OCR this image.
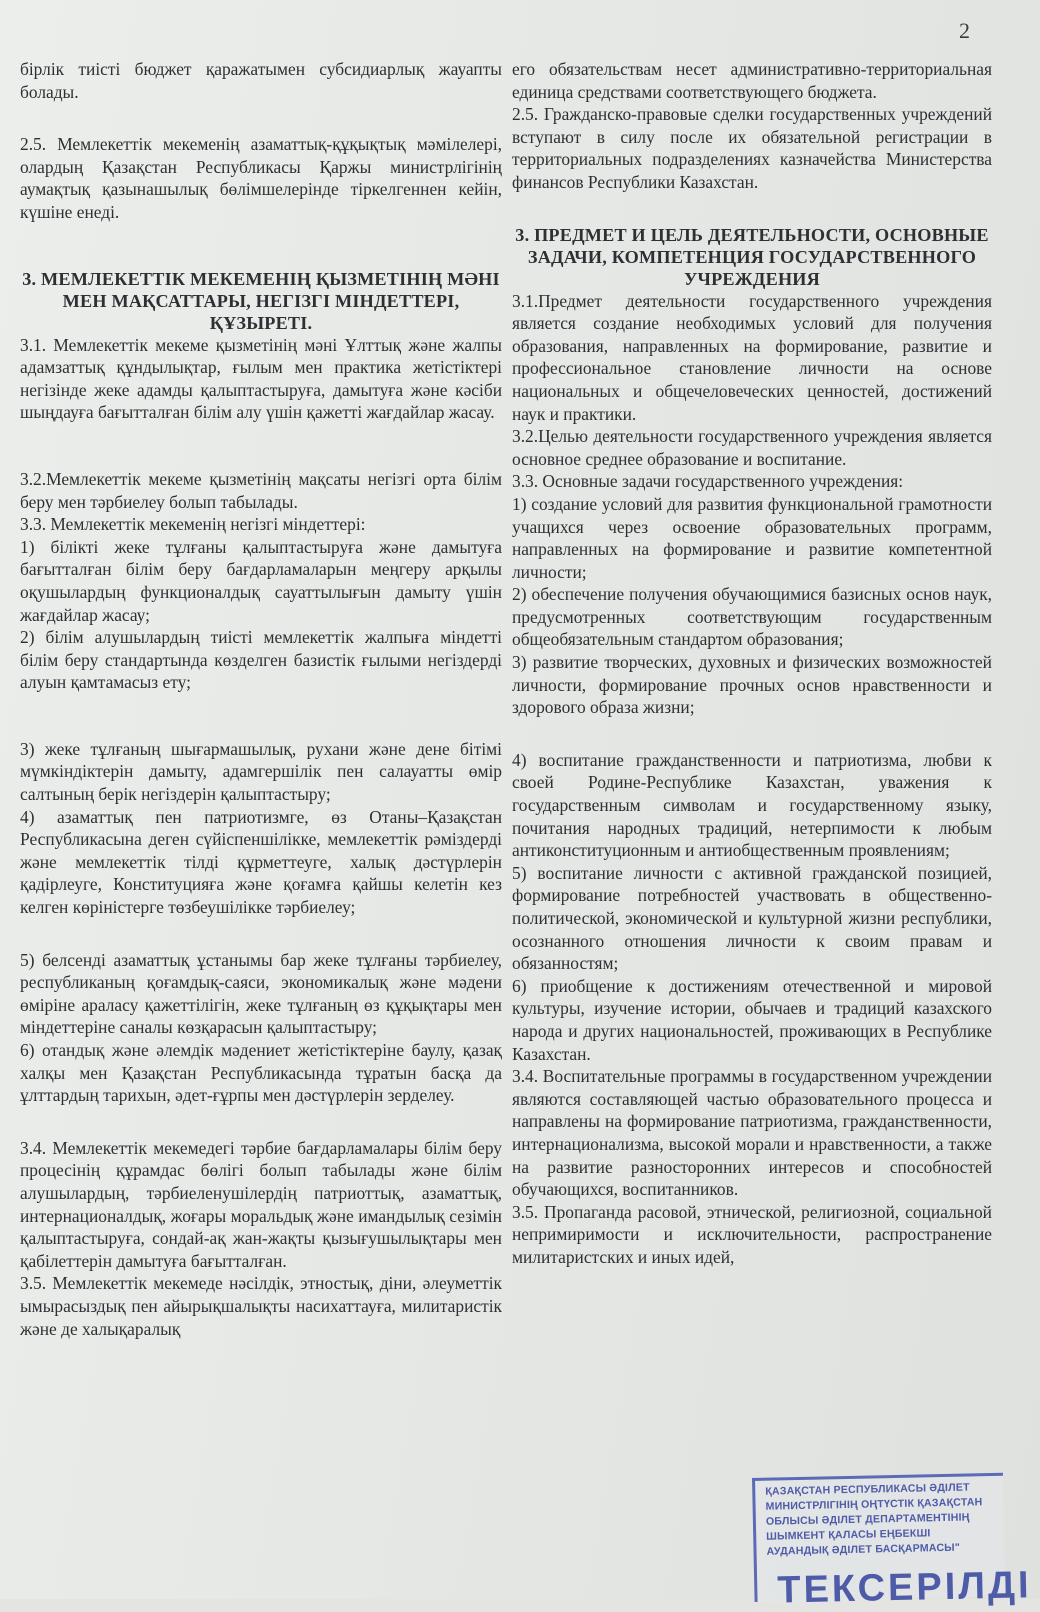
2

бірлік тиісті бюджет қаражатымен субсидиарлық жауапты болады.

2.5. Мемлекеттік мекеменің азаматтық-құқықтық мәмілелері, олардың Қазақстан Республикасы Қаржы министрлігінің аумақтық қазынашылық бөлімшелерінде тіркелгеннен кейін, күшіне енеді.

3. МЕМЛЕКЕТТІК МЕКЕМЕНІҢ ҚЫЗМЕТІНІҢ МӘНІ МЕН МАҚСАТТАРЫ, НЕГІЗГІ МІНДЕТТЕРІ, ҚҰЗЫРЕТІ.

3.1. Мемлекеттік мекеме қызметінің мәні Ұлттық және жалпы адамзаттық құндылықтар, ғылым мен практика жетістіктері негізінде жеке адамды қалыптастыруға, дамытуға және кәсіби шыңдауға бағытталған білім алу үшін қажетті жағдайлар жасау.

3.2.Мемлекеттік мекеме қызметінің мақсаты негізгі орта білім беру мен тәрбиелеу болып табылады.

3.3. Мемлекеттік мекеменің негізгі міндеттері:

1) білікті жеке тұлғаны қалыптастыруға және дамытуға бағытталған білім беру бағдарламаларын меңгеру арқылы оқушылардың функционалдық сауаттылығын дамыту үшін жағдайлар жасау;

2) білім алушылардың тиісті мемлекеттік жалпыға міндетті білім беру стандартында көзделген базистік ғылыми негіздерді алуын қамтамасыз ету;

3) жеке тұлғаның шығармашылық, рухани және дене бітімі мүмкіндіктерін дамыту, адамгершілік пен салауатты өмір салтының берік негіздерін қалыптастыру;

4) азаматтық пен патриотизмге, өз Отаны–Қазақстан Республикасына деген сүйіспеншілікке, мемлекеттік рәміздерді және мемлекеттік тілді құрметтеуге, халық дәстүрлерін қадірлеуге, Конституцияға және қоғамға қайшы келетін кез келген көріністерге төзбеушілікке тәрбиелеу;

5) белсенді азаматтық ұстанымы бар жеке тұлғаны тәрбиелеу, республиканың қоғамдық-саяси, экономикалық және мәдени өміріне араласу қажеттілігін, жеке тұлғаның өз құқықтары мен міндеттеріне саналы көзқарасын қалыптастыру;

6) отандық және әлемдік мәдениет жетістіктеріне баулу, қазақ халқы мен Қазақстан Республикасында тұратын басқа да ұлттардың тарихын, әдет-ғұрпы мен дәстүрлерін зерделеу.

3.4. Мемлекеттік мекемедегі тәрбие бағдарламалары білім беру процесінің құрамдас бөлігі болып табылады және білім алушылардың, тәрбиеленушілердің патриоттық, азаматтық, интернационалдық, жоғары моральдық және имандылық сезімін қалыптастыруға, сондай-ақ жан-жақты қызығушылықтары мен қабілеттерін дамытуға бағытталған.

3.5. Мемлекеттік мекемеде нәсілдік, этностық, діни, әлеуметтік ымырасыздық пен айырықшалықты насихаттауға, милитаристік және де халықаралық

его обязательствам несет административно-территориальная единица средствами соответствующего бюджета.

2.5. Гражданско-правовые сделки государственных учреждений вступают в силу после их обязательной регистрации в территориальных подразделениях казначейства Министерства финансов Республики Казахстан.

3. ПРЕДМЕТ И ЦЕЛЬ ДЕЯТЕЛЬНОСТИ, ОСНОВНЫЕ ЗАДАЧИ, КОМПЕТЕНЦИЯ ГОСУДАРСТВЕННОГО УЧРЕЖДЕНИЯ

3.1.Предмет деятельности государственного учреждения является создание необходимых условий для получения образования, направленных на формирование, развитие и профессиональное становление личности на основе национальных и общечеловеческих ценностей, достижений наук и практики.

3.2.Целью деятельности государственного учреждения является основное среднее образование и воспитание.

3.3. Основные задачи государственного учреждения:

1) создание условий для развития функциональной грамотности учащихся через освоение образовательных программ, направленных на формирование и развитие компетентной личности;

2) обеспечение получения обучающимися базисных основ наук, предусмотренных соответствующим государственным общеобязательным стандартом образования;

3) развитие творческих, духовных и физических возможностей личности, формирование прочных основ нравственности и здорового образа жизни;

4) воспитание гражданственности и патриотизма, любви к своей Родине-Республике Казахстан, уважения к государственным символам и государственному языку, почитания народных традиций, нетерпимости к любым антиконституционным и антиобщественным проявлениям;

5) воспитание личности с активной гражданской позицией, формирование потребностей участвовать в общественно-политической, экономической и культурной жизни республики, осознанного отношения личности к своим правам и обязанностям;

6) приобщение к достижениям отечественной и мировой культуры, изучение истории, обычаев и традиций казахского народа и других национальностей, проживающих в Республике Казахстан.

3.4. Воспитательные программы в государственном учреждении являются составляющей частью образовательного процесса и направлены на формирование патриотизма, гражданственности, интернационализма, высокой морали и нравственности, а также на развитие разносторонних интересов и способностей обучающихся, воспитанников.

3.5. Пропаганда расовой, этнической, религиозной, социальной непримиримости и исключительности, распространение милитаристских и иных идей,

ҚАЗАҚСТАН РЕСПУБЛИКАСЫ ӘДІЛЕТ
МИНИСТРЛІГІНІҢ ОҢТҮСТІК ҚАЗАҚСТАН
ОБЛЫСЫ ӘДІЛЕТ ДЕПАРТАМЕНТІНІҢ
ШЫМКЕНТ ҚАЛАСЫ ЕҢБЕКШІ
АУДАНДЫҚ ӘДІЛЕТ БАСҚАРМАСЫ"
ТЕКСЕРІЛДІ
